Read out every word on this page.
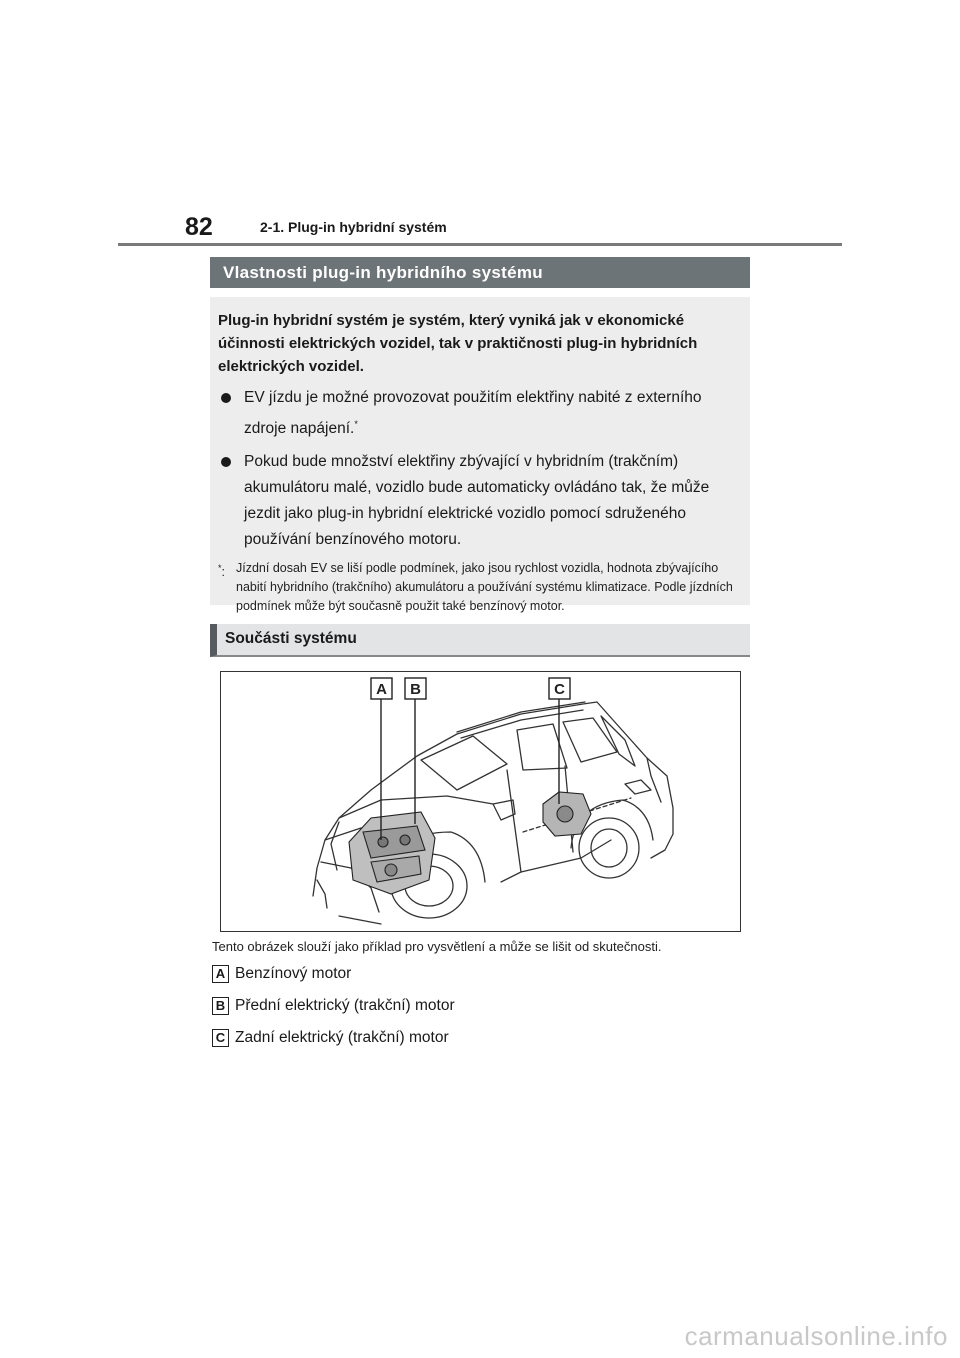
82	2-1. Plug-in hybridní systém
Vlastnosti plug-in hybridního systému

Plug-in hybridní systém je systém, který vyniká jak v ekonomické účinnosti elektrických vozidel, tak v praktičnosti plug-in hybridních elektrických vozidel.

EV jízdu je možné provozovat použitím elektřiny nabité z externího zdroje napájení.*
Pokud bude množství elektřiny zbývající v hybridním (trakčním) akumulátoru malé, vozidlo bude automaticky ovládáno tak, že může jezdit jako plug-in hybridní elektrické vozidlo pomocí sdruženého používání benzínového motoru.
*: Jízdní dosah EV se liší podle podmínek, jako jsou rychlost vozidla, hodnota zbývajícího nabití hybridního (trakčního) akumulátoru a používání systému klimatizace. Podle jízdních podmínek může být současně použit také benzínový motor.
Součásti systému
A B	C
Tento obrázek slouží jako příklad pro vysvětlení a může se lišit od skutečnosti.
A Benzínový motor
B Přední elektrický (trakční) motor
C Zadní elektrický (trakční) motor
carmanualsonline.info
